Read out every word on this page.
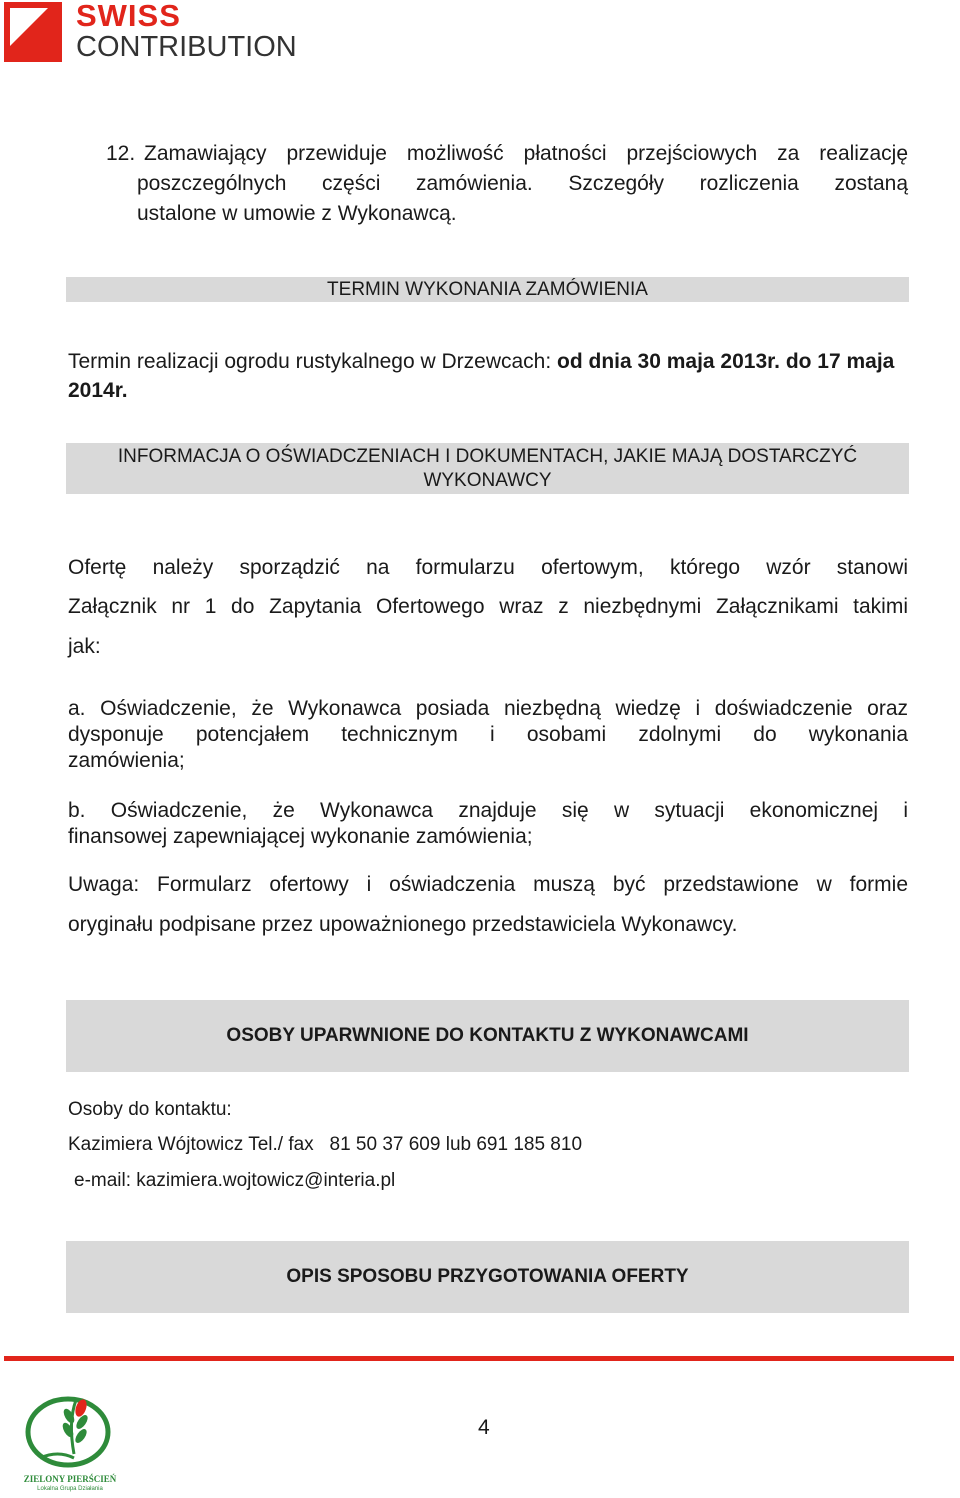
SWISS
CONTRIBUTION
12. Zamawiający przewiduje możliwość płatności przejściowych za realizację
poszczególnych części zamówienia. Szczegóły rozliczenia zostaną
ustalone w umowie z Wykonawcą.
TERMIN WYKONANIA ZAMÓWIENIA
Termin realizacji ogrodu rustykalnego w Drzewcach: od dnia 30 maja 2013r. do 17 maja
2014r.
INFORMACJA O OŚWIADCZENIACH I DOKUMENTACH, JAKIE MAJĄ DOSTARCZYĆ
WYKONAWCY
Ofertę należy sporządzić na formularzu ofertowym, którego wzór stanowi
Załącznik nr 1 do Zapytania Ofertowego wraz z niezbędnymi Załącznikami takimi
jak:
a. Oświadczenie, że Wykonawca posiada niezbędną wiedzę i doświadczenie oraz
dysponuje potencjałem technicznym i osobami zdolnymi do wykonania
zamówienia;
b. Oświadczenie, że Wykonawca znajduje się w sytuacji ekonomicznej i
finansowej zapewniającej wykonanie zamówienia;
Uwaga: Formularz ofertowy i oświadczenia muszą być przedstawione w formie
oryginału podpisane przez upoważnionego przedstawiciela Wykonawcy.
OSOBY UPARWNIONE DO KONTAKTU Z WYKONAWCAMI
Osoby do kontaktu:
Kazimiera Wójtowicz Tel./ fax   81 50 37 609 lub 691 185 810
e-mail: kazimiera.wojtowicz@interia.pl
OPIS SPOSOBU PRZYGOTOWANIA OFERTY
ZIELONY PIERŚCIEŃ
Lokalna Grupa Działania
4
